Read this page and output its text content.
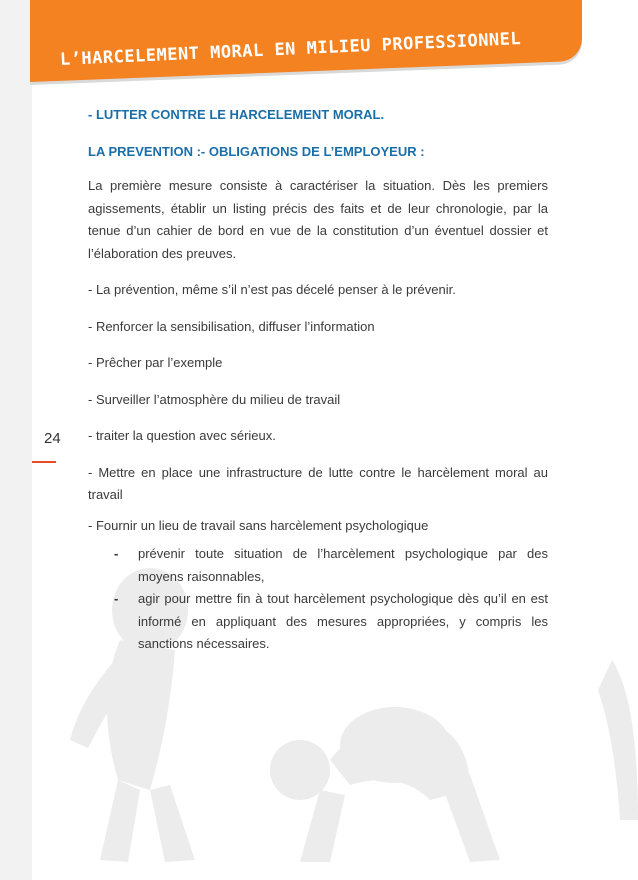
L’HARCELEMENT MORAL EN MILIEU PROFESSIONNEL
24

- LUTTER CONTRE LE HARCELEMENT MORAL.

LA PREVENTION :- OBLIGATIONS DE L’EMPLOYEUR :

La première mesure consiste à caractériser la situation. Dès les premiers agissements, établir un listing précis des faits et de leur chronologie, par la tenue d’un cahier de bord en vue de la constitution d’un éventuel dossier et l’élaboration des preuves.

- La prévention, même s’il n’est pas décelé penser à le prévenir.

- Renforcer la sensibilisation, diffuser l’information

- Prêcher par l’exemple

- Surveiller l’atmosphère du milieu de travail

- traiter la question avec sérieux.

- Mettre en place une infrastructure de lutte contre le harcèlement moral au travail

- Fournir un lieu de travail sans harcèlement psychologique

- prévenir toute situation de l’harcèlement psychologique par des moyens raisonnables,
- agir pour mettre fin à tout harcèlement psychologique dès qu’il en est informé en appliquant des mesures appropriées, y compris les sanctions nécessaires.
